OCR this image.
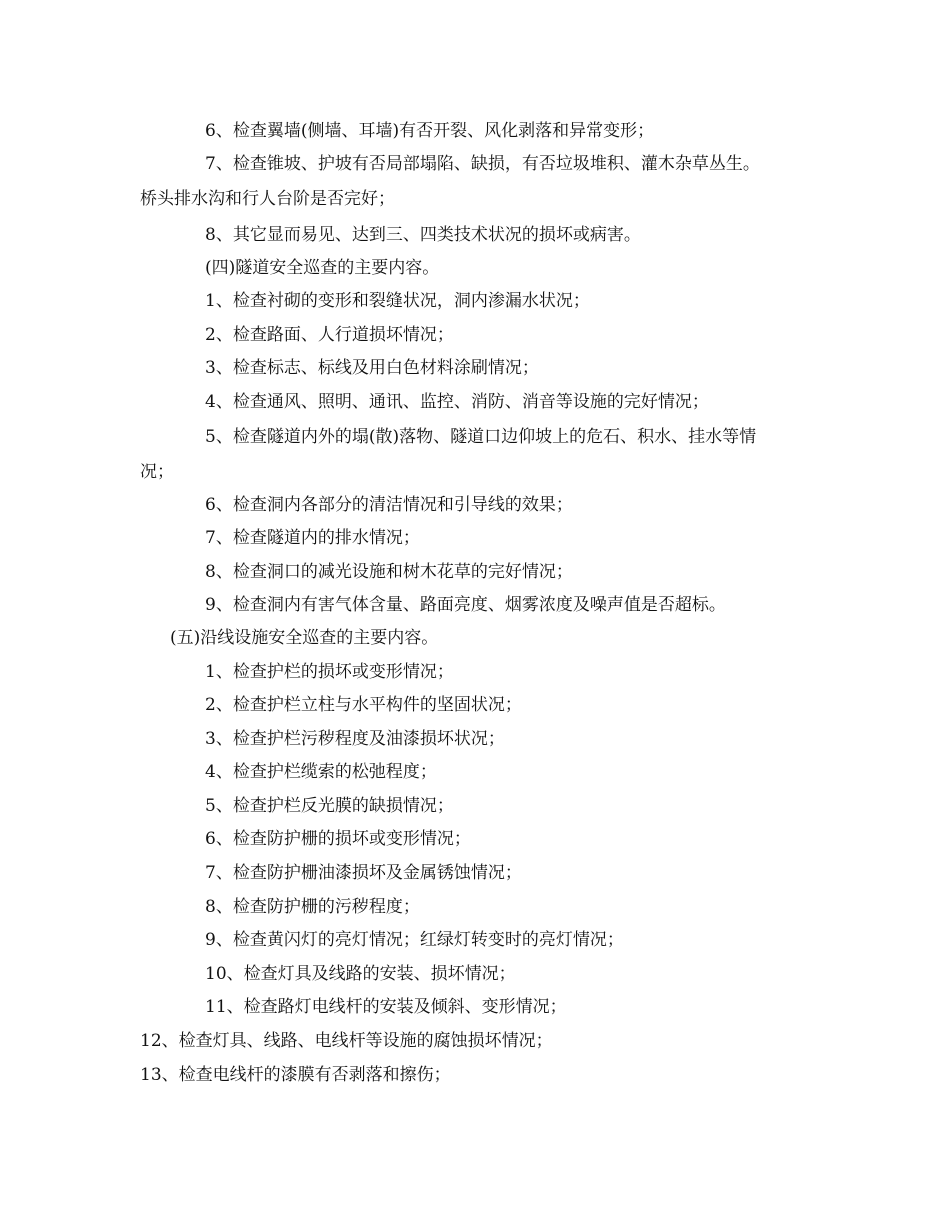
6、检查翼墙(侧墙、耳墙)有否开裂、风化剥落和异常变形；
7、检查锥坡、护坡有否局部塌陷、缺损，有否垃圾堆积、灌木杂草丛生。
桥头排水沟和行人台阶是否完好；
8、其它显而易见、达到三、四类技术状况的损坏或病害。
(四)隧道安全巡查的主要内容。
1、检查衬砌的变形和裂缝状况，洞内渗漏水状况；
2、检查路面、人行道损坏情况；
3、检查标志、标线及用白色材料涂刷情况；
4、检查通风、照明、通讯、监控、消防、消音等设施的完好情况；
5、检查隧道内外的塌(散)落物、隧道口边仰坡上的危石、积水、挂水等情
况；
6、检查洞内各部分的清洁情况和引导线的效果；
7、检查隧道内的排水情况；
8、检查洞口的减光设施和树木花草的完好情况；
9、检查洞内有害气体含量、路面亮度、烟雾浓度及噪声值是否超标。
(五)沿线设施安全巡查的主要内容。
1、检查护栏的损坏或变形情况；
2、检查护栏立柱与水平构件的坚固状况；
3、检查护栏污秽程度及油漆损坏状况；
4、检查护栏缆索的松弛程度；
5、检查护栏反光膜的缺损情况；
6、检查防护栅的损坏或变形情况；
7、检查防护栅油漆损坏及金属锈蚀情况；
8、检查防护栅的污秽程度；
9、检查黄闪灯的亮灯情况；红绿灯转变时的亮灯情况；
10、检查灯具及线路的安装、损坏情况；
11、检查路灯电线杆的安装及倾斜、变形情况；
12、检查灯具、线路、电线杆等设施的腐蚀损坏情况；
13、检查电线杆的漆膜有否剥落和擦伤；
